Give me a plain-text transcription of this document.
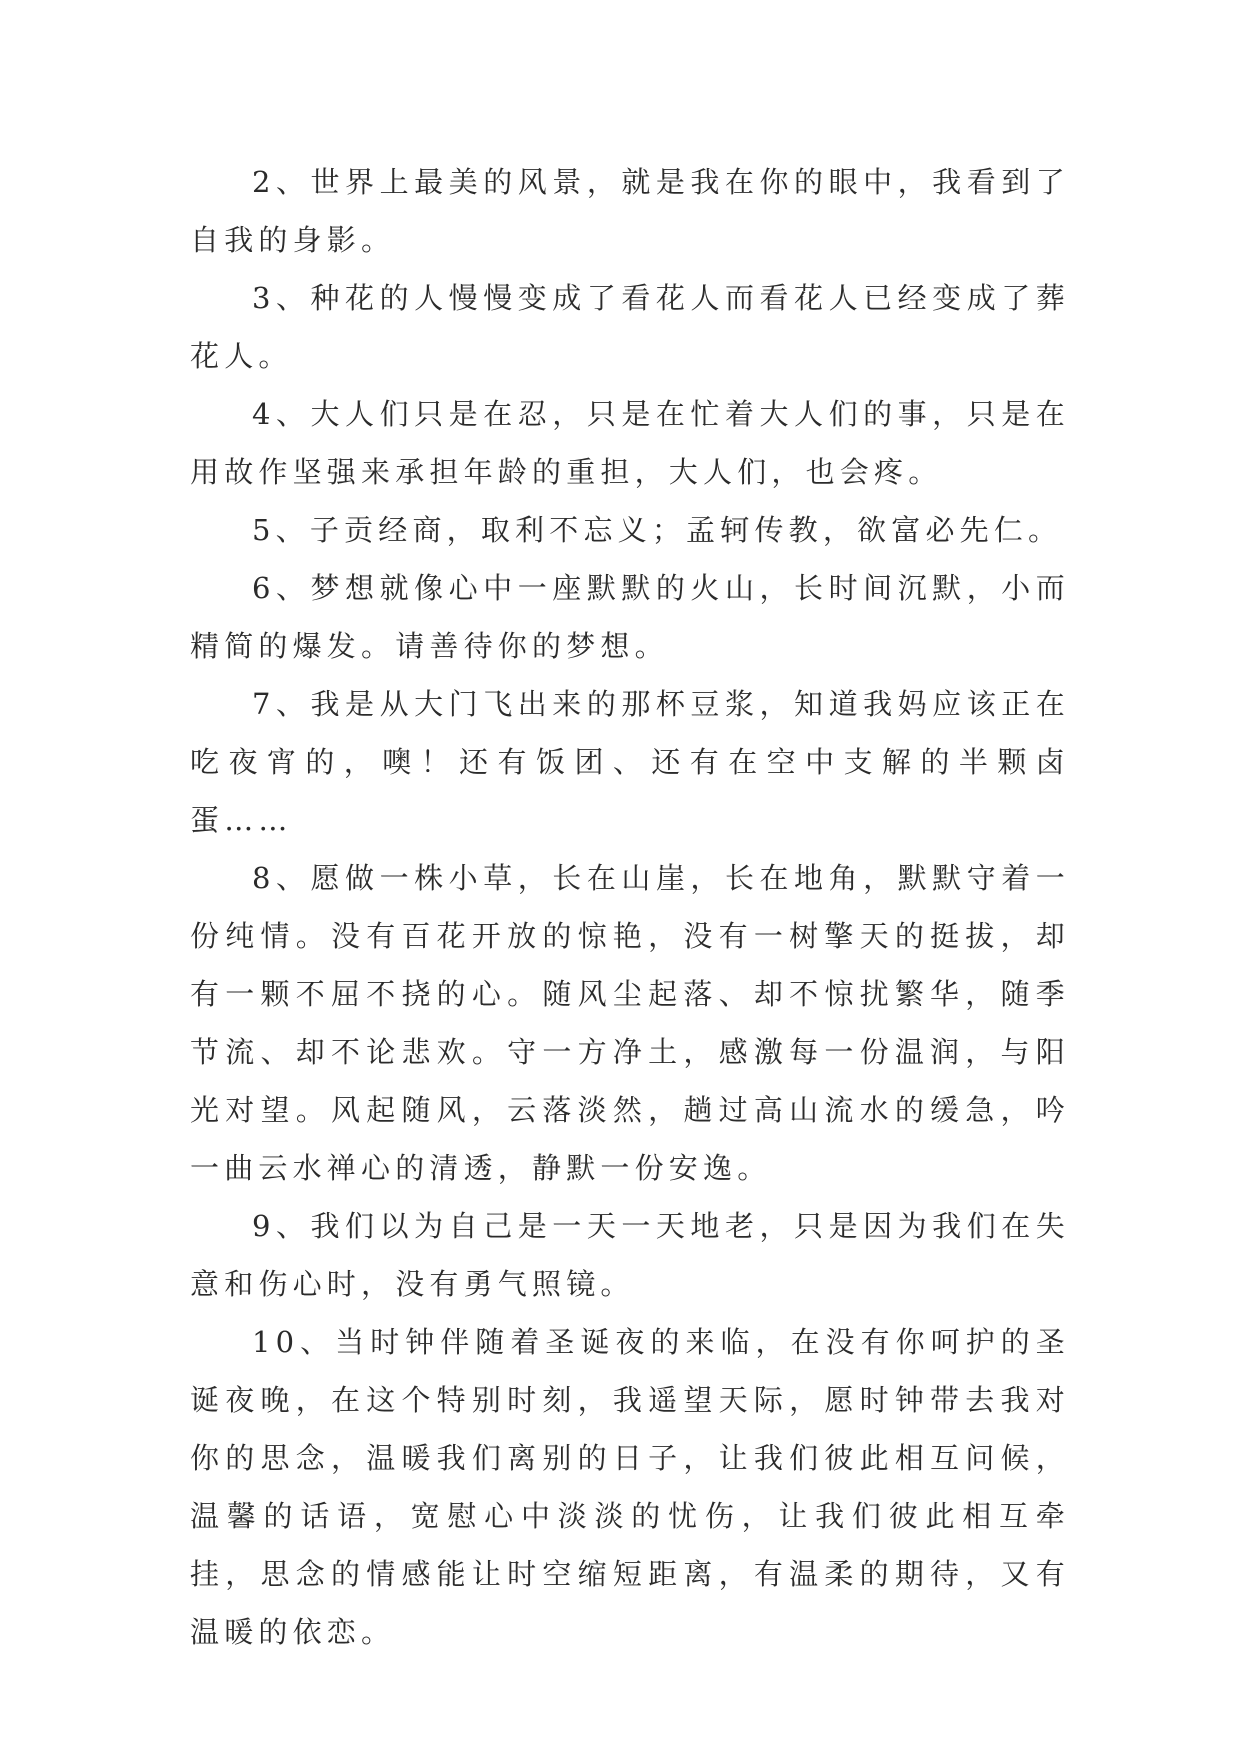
2、世界上最美的风景，就是我在你的眼中，我看到了自我的身影。

3、种花的人慢慢变成了看花人而看花人已经变成了葬花人。

4、大人们只是在忍，只是在忙着大人们的事，只是在用故作坚强来承担年龄的重担，大人们，也会疼。

5、子贡经商，取利不忘义；孟轲传教，欲富必先仁。

6、梦想就像心中一座默默的火山，长时间沉默，小而精简的爆发。请善待你的梦想。

7、我是从大门飞出来的那杯豆浆，知道我妈应该正在吃夜宵的，噢！还有饭团、还有在空中支解的半颗卤蛋……

8、愿做一株小草，长在山崖，长在地角，默默守着一份纯情。没有百花开放的惊艳，没有一树擎天的挺拔，却有一颗不屈不挠的心。随风尘起落、却不惊扰繁华，随季节流、却不论悲欢。守一方净土，感激每一份温润，与阳光对望。风起随风，云落淡然，趟过高山流水的缓急，吟一曲云水禅心的清透，静默一份安逸。

9、我们以为自己是一天一天地老，只是因为我们在失意和伤心时，没有勇气照镜。

10、当时钟伴随着圣诞夜的来临，在没有你呵护的圣诞夜晚，在这个特别时刻，我遥望天际，愿时钟带去我对你的思念，温暖我们离别的日子，让我们彼此相互问候，温馨的话语，宽慰心中淡淡的忧伤，让我们彼此相互牵挂，思念的情感能让时空缩短距离，有温柔的期待，又有温暖的依恋。
